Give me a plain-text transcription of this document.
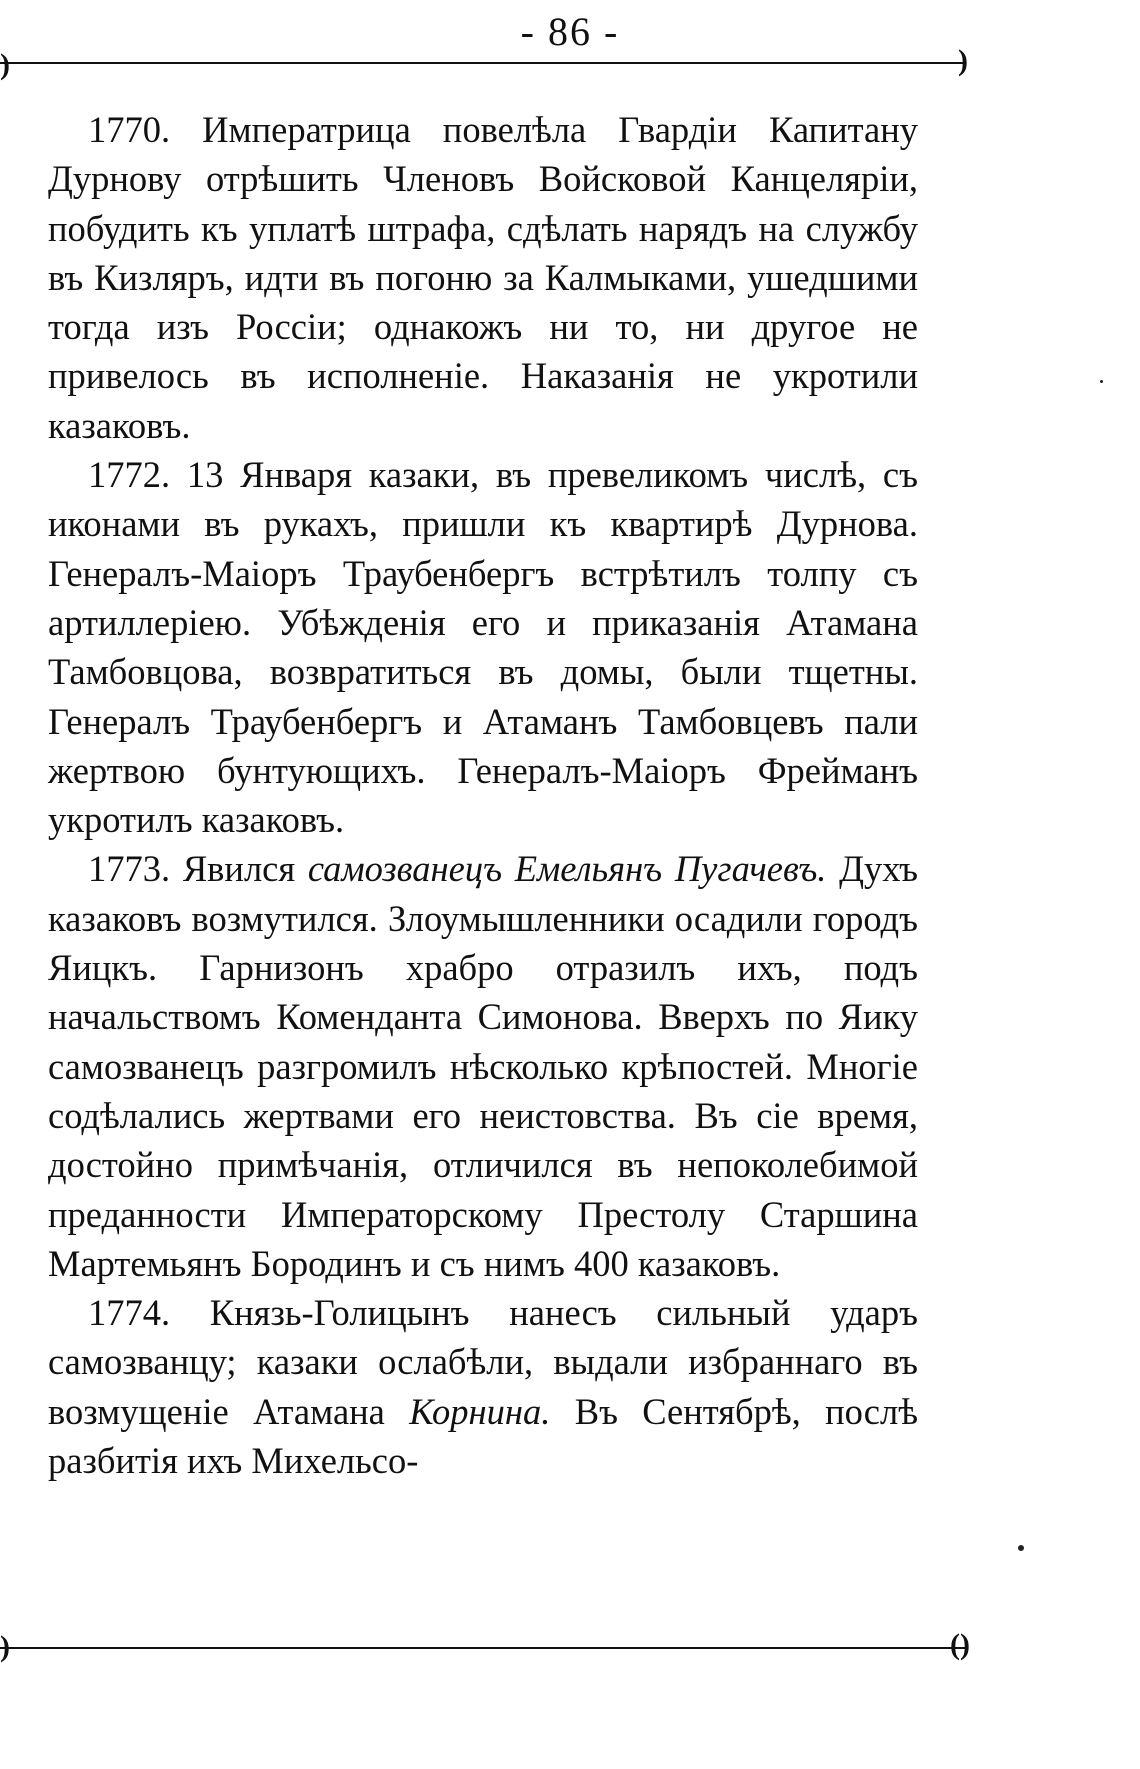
- 86 -
)	)

1770. Императрица повелѣла Гвардіи Капитану Дурнову отрѣшить Членовъ Войсковой Канцеляріи, побудить къ уплатѣ штрафа, сдѣлать нарядъ на службу въ Кизляръ, идти въ погоню за Калмыками, ушедшими тогда изъ Россіи; однакожъ ни то, ни другое не привелось въ исполненіе. Наказанія не укротили казаковъ.

1772. 13 Января казаки, въ превеликомъ числѣ, съ иконами въ рукахъ, пришли къ квартирѣ Дурнова. Генералъ-Маіоръ Траубенбергъ встрѣтилъ толпу съ артиллеріею. Убѣжденія его и приказанія Атамана Тамбовцова, возвратиться въ домы, были тщетны. Генералъ Траубенбергъ и Атаманъ Тамбовцевъ пали жертвою бунтующихъ. Генералъ-Маіоръ Фрейманъ укротилъ казаковъ.

1773. Явился самозванецъ Емельянъ Пугачевъ. Духъ казаковъ возмутился. Злоумышленники осадили городъ Яицкъ. Гарнизонъ храбро отразилъ ихъ, подъ начальствомъ Коменданта Симонова. Вверхъ по Яику самозванецъ разгромилъ нѣсколько крѣпостей. Многіе содѣлались жертвами его неистовства. Въ сіе время, достойно примѣчанія, отличился въ непоколебимой преданности Императорскому Престолу Старшина Мартемьянъ Бородинъ и съ нимъ 400 казаковъ.

1774. Князь-Голицынъ нанесъ сильный ударъ самозванцу; казаки ослабѣли, выдали избраннаго въ возмущеніе Атамана Корнина. Въ Сентябрѣ, послѣ разбитія ихъ Михельсо-

)	()
